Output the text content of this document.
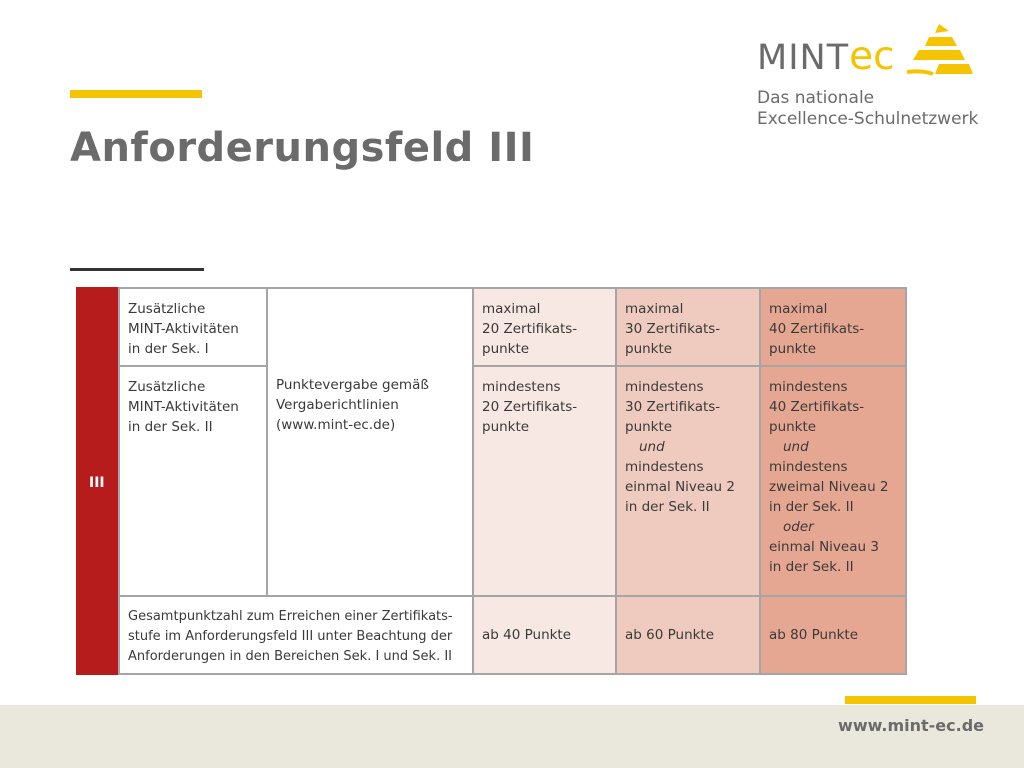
Anforderungsfeld III
MINTec
Das nationale
Excellence-Schulnetzwerk
III
Zusätzliche
MINT-Aktivitäten
in der Sek. I
Zusätzliche
MINT-Aktivitäten
in der Sek. II
Punktevergabe gemäß
Vergaberichtlinien
(www.mint-ec.de)
maximal
20 Zertifikats-
punkte
maximal
30 Zertifikats-
punkte
maximal
40 Zertifikats-
punkte
mindestens
20 Zertifikats-
punkte
mindestens
30 Zertifikats-
punkte
und
mindestens
einmal Niveau 2
in der Sek. II
mindestens
40 Zertifikats-
punkte
und
mindestens
zweimal Niveau 2
in der Sek. II
oder
einmal Niveau 3
in der Sek. II
Gesamtpunktzahl zum Erreichen einer Zertifikats-
stufe im Anforderungsfeld III unter Beachtung der
Anforderungen in den Bereichen Sek. I und Sek. II
ab 40 Punkte	ab 60 Punkte	ab 80 Punkte
www.mint-ec.de
